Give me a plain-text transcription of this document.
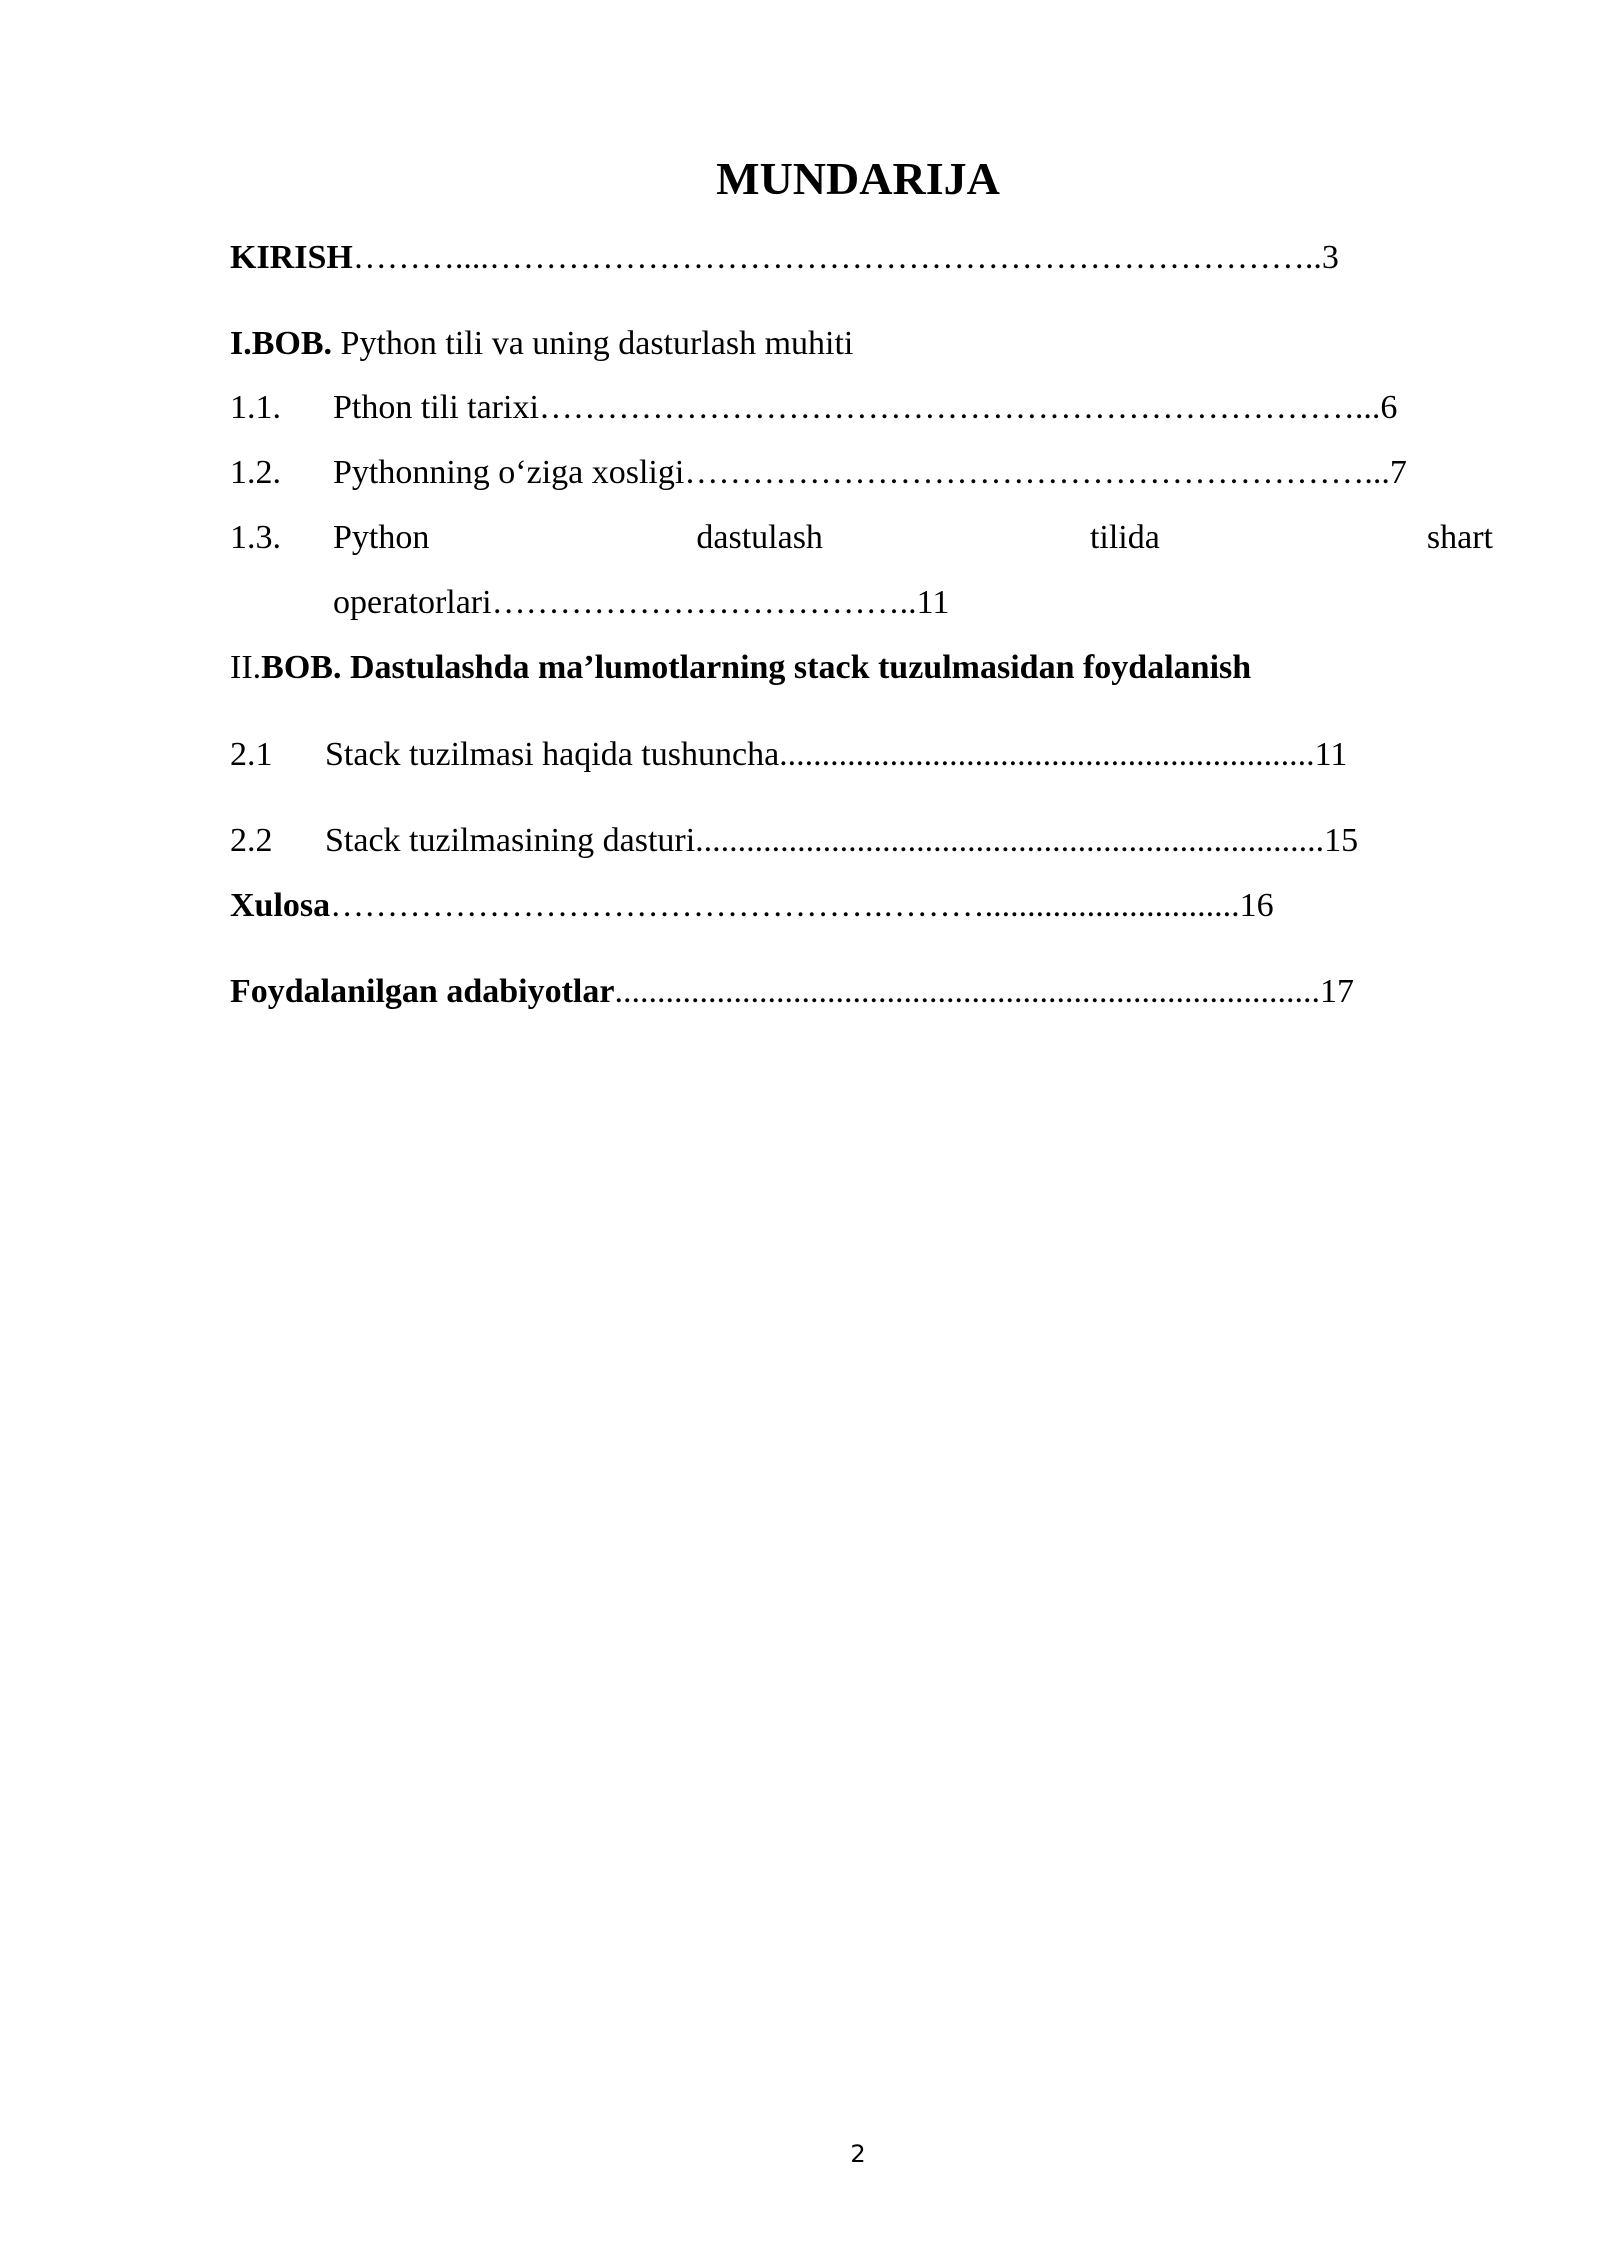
MUNDARIJA
KIRISH………....………………………………………………………………..3
I.BOB. Python tili va uning dasturlash muhiti
1.1. Pthon tili tarixi………………………………………………………………...6
1.2. Pythonning o‘ziga xosligi……………………………………………………...7
1.3.	Python	dastulash	tilida	shart
operatorlari………………………………..11
II.BOB. Dastulashda ma’lumotlarning stack tuzulmasidan foydalanish
2.1 Stack tuzilmasi haqida tushuncha...............................................................11
2.2 Stack tuzilmasining dasturi..........................................................................15
Xulosa………………………………………….………..............................16
Foydalanilgan adabiyotlar...................................................................................17
2
